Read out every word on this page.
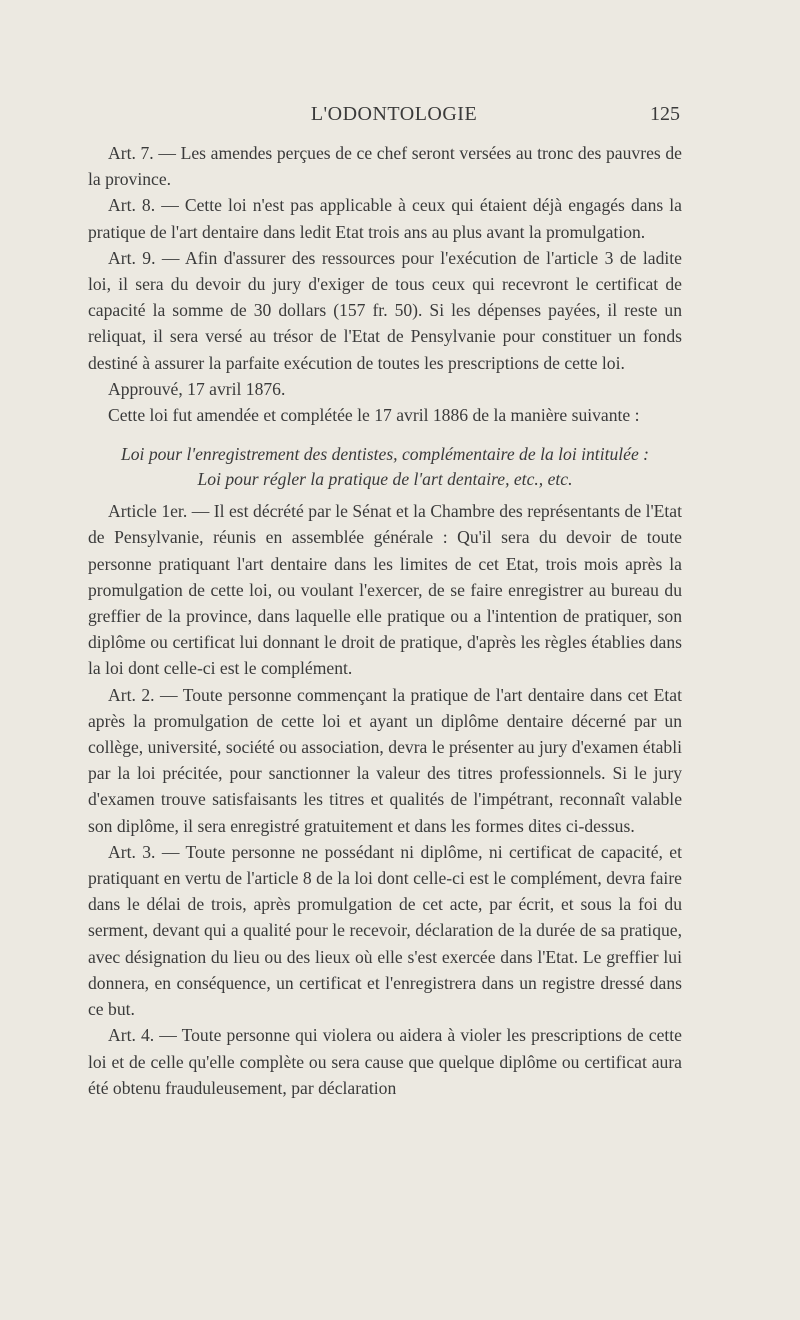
L'ODONTOLOGIE	125

Art. 7. — Les amendes perçues de ce chef seront versées au tronc des pauvres de la province.

Art. 8. — Cette loi n'est pas applicable à ceux qui étaient déjà engagés dans la pratique de l'art dentaire dans ledit Etat trois ans au plus avant la promulgation.

Art. 9. — Afin d'assurer des ressources pour l'exécution de l'article 3 de ladite loi, il sera du devoir du jury d'exiger de tous ceux qui recevront le certificat de capacité la somme de 30 dollars (157 fr. 50). Si les dépenses payées, il reste un reliquat, il sera versé au trésor de l'Etat de Pensylvanie pour constituer un fonds destiné à assurer la parfaite exécution de toutes les prescriptions de cette loi.

Approuvé, 17 avril 1876.

Cette loi fut amendée et complétée le 17 avril 1886 de la manière suivante :

Loi pour l'enregistrement des dentistes, complémentaire de la loi intitulée :
Loi pour régler la pratique de l'art dentaire, etc., etc.

Article 1er. — Il est décrété par le Sénat et la Chambre des représentants de l'Etat de Pensylvanie, réunis en assemblée générale : Qu'il sera du devoir de toute personne pratiquant l'art dentaire dans les limites de cet Etat, trois mois après la promulgation de cette loi, ou voulant l'exercer, de se faire enregistrer au bureau du greffier de la province, dans laquelle elle pratique ou a l'intention de pratiquer, son diplôme ou certificat lui donnant le droit de pratique, d'après les règles établies dans la loi dont celle-ci est le complément.

Art. 2. — Toute personne commençant la pratique de l'art dentaire dans cet Etat après la promulgation de cette loi et ayant un diplôme dentaire décerné par un collège, université, société ou association, devra le présenter au jury d'examen établi par la loi précitée, pour sanctionner la valeur des titres professionnels. Si le jury d'examen trouve satisfaisants les titres et qualités de l'impétrant, reconnaît valable son diplôme, il sera enregistré gratuitement et dans les formes dites ci-dessus.

Art. 3. — Toute personne ne possédant ni diplôme, ni certificat de capacité, et pratiquant en vertu de l'article 8 de la loi dont celle-ci est le complément, devra faire dans le délai de trois, après promulgation de cet acte, par écrit, et sous la foi du serment, devant qui a qualité pour le recevoir, déclaration de la durée de sa pratique, avec désignation du lieu ou des lieux où elle s'est exercée dans l'Etat. Le greffier lui donnera, en conséquence, un certificat et l'enregistrera dans un registre dressé dans ce but.

Art. 4. — Toute personne qui violera ou aidera à violer les prescriptions de cette loi et de celle qu'elle complète ou sera cause que quelque diplôme ou certificat aura été obtenu frauduleusement, par déclaration
